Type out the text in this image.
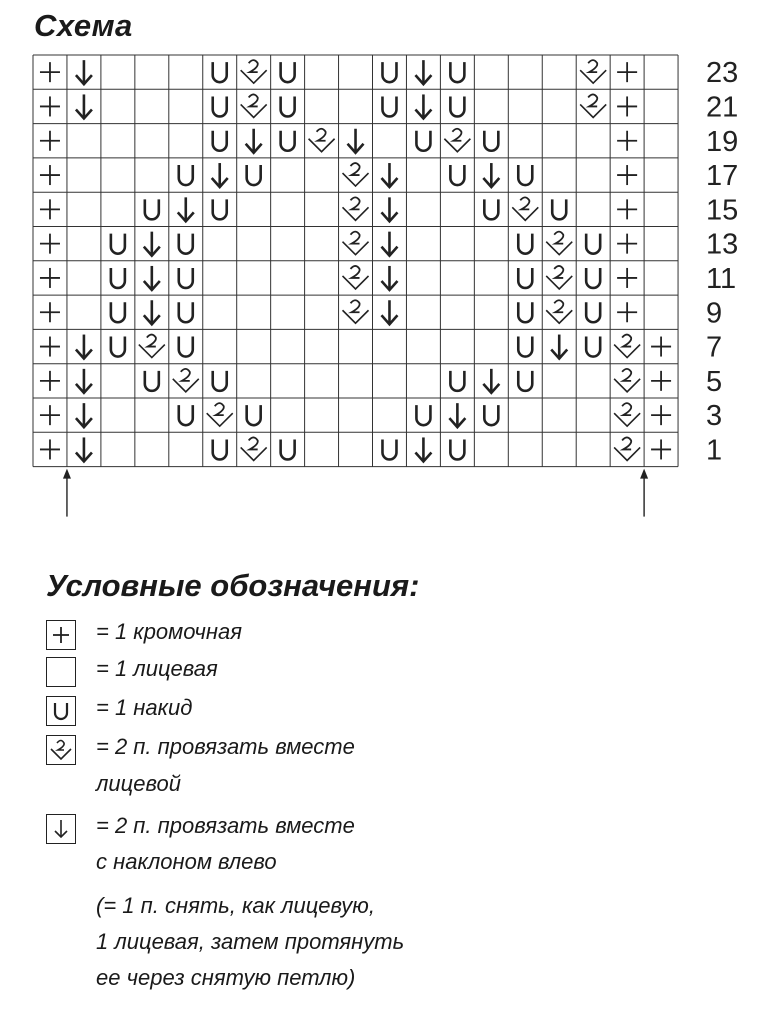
Схема
23
21
19
17
15
13
11
9
7
5
3
1
Условные обозначения:
= 1 кромочная
= 1 лицевая
= 1 накид
= 2 п. провязать вместе
лицевой
= 2 п. провязать вместе
с наклоном влево
(= 1 п. снять, как лицевую,
1 лицевая, затем протянуть
ее через снятую петлю)
